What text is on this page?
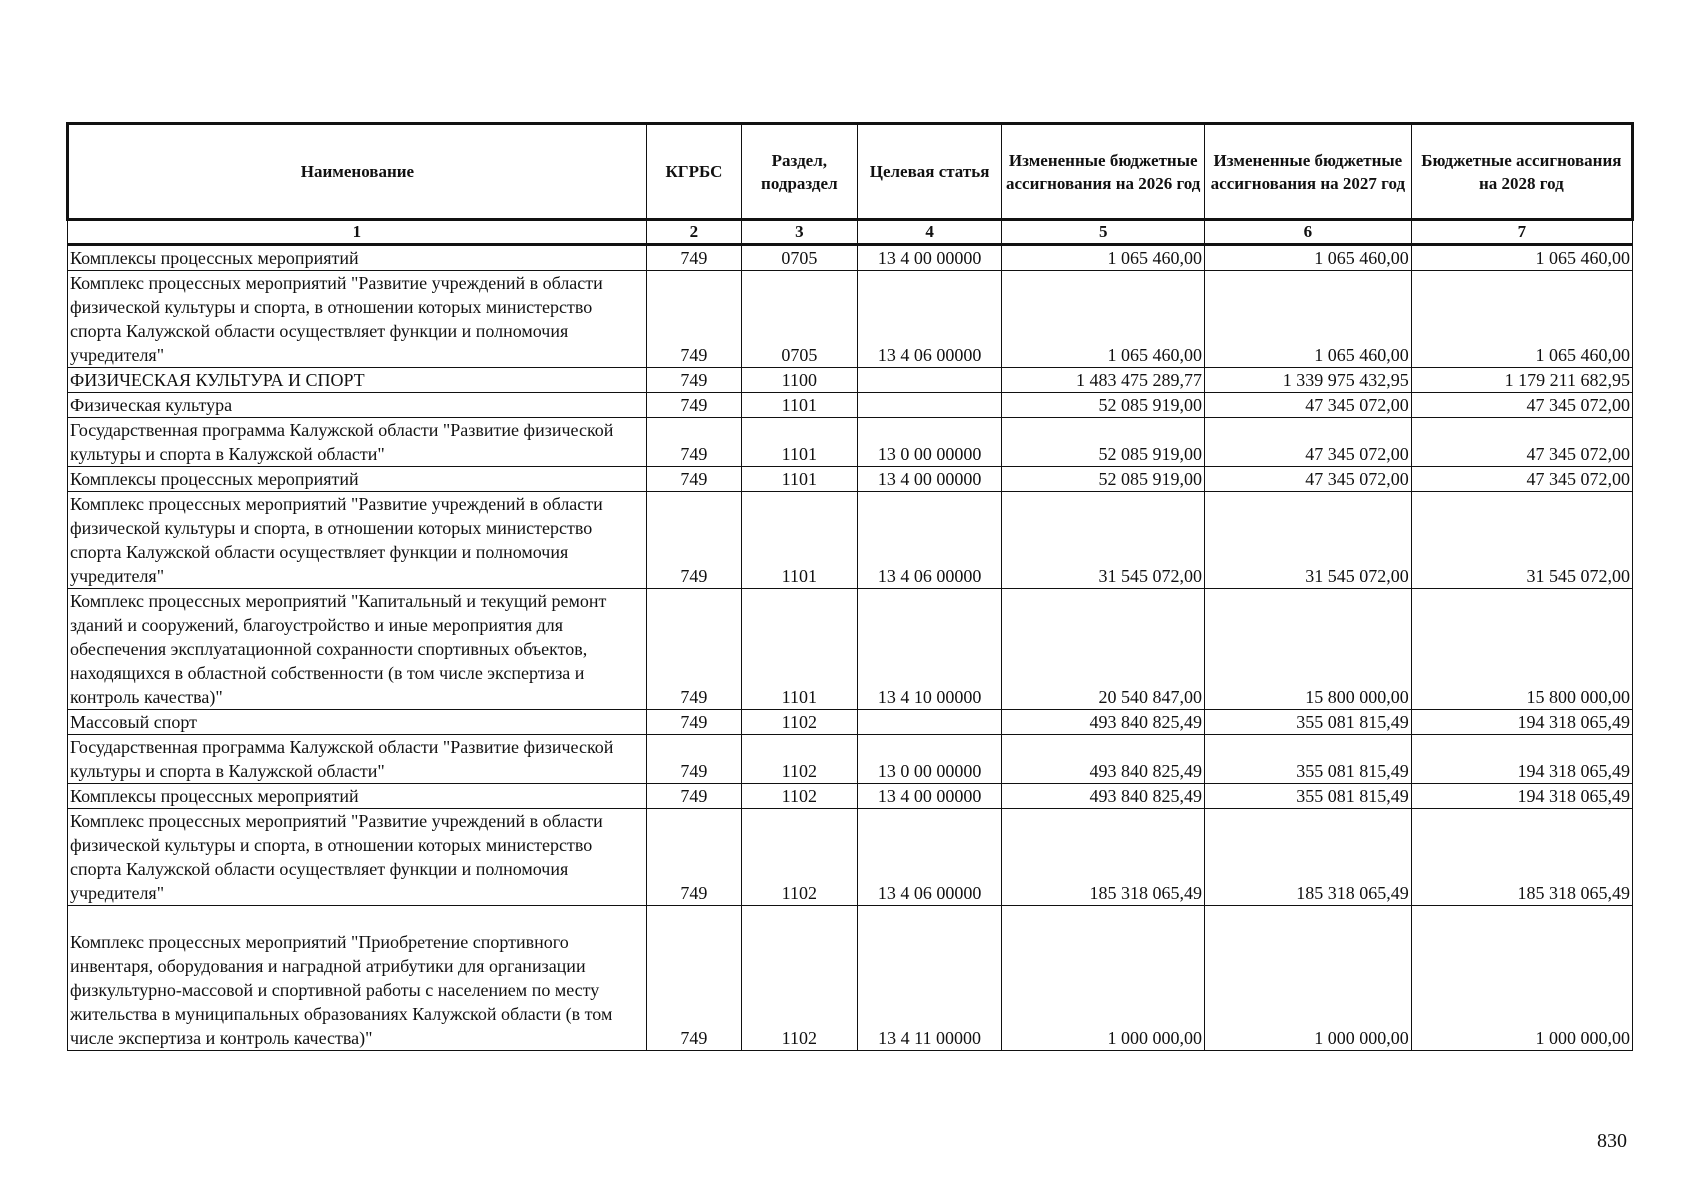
Наименование	КГРБС	Раздел, подраздел	Целевая статья	Измененные бюджетные ассигнования на 2026 год	Измененные бюджетные ассигнования на 2027 год	Бюджетные ассигнования на 2028 год
1	2	3	4	5	6	7
Комплексы процессных мероприятий	749	0705	13 4 00 00000	1 065 460,00	1 065 460,00	1 065 460,00
Комплекс процессных мероприятий "Развитие учреждений в области физической культуры и спорта, в отношении которых министерство спорта Калужской области осуществляет функции и полномочия учредителя"	749	0705	13 4 06 00000	1 065 460,00	1 065 460,00	1 065 460,00
ФИЗИЧЕСКАЯ КУЛЬТУРА И СПОРТ	749	1100		1 483 475 289,77	1 339 975 432,95	1 179 211 682,95
Физическая культура	749	1101		52 085 919,00	47 345 072,00	47 345 072,00
Государственная программа Калужской области "Развитие физической культуры и спорта в Калужской области"	749	1101	13 0 00 00000	52 085 919,00	47 345 072,00	47 345 072,00
Комплексы процессных мероприятий	749	1101	13 4 00 00000	52 085 919,00	47 345 072,00	47 345 072,00
Комплекс процессных мероприятий "Развитие учреждений в области физической культуры и спорта, в отношении которых министерство спорта Калужской области осуществляет функции и полномочия учредителя"	749	1101	13 4 06 00000	31 545 072,00	31 545 072,00	31 545 072,00
Комплекс процессных мероприятий "Капитальный и текущий ремонт зданий и сооружений, благоустройство и иные мероприятия для обеспечения эксплуатационной сохранности спортивных объектов, находящихся в областной собственности (в том числе экспертиза и контроль качества)"	749	1101	13 4 10 00000	20 540 847,00	15 800 000,00	15 800 000,00
Массовый спорт	749	1102		493 840 825,49	355 081 815,49	194 318 065,49
Государственная программа Калужской области "Развитие физической культуры и спорта в Калужской области"	749	1102	13 0 00 00000	493 840 825,49	355 081 815,49	194 318 065,49
Комплексы процессных мероприятий	749	1102	13 4 00 00000	493 840 825,49	355 081 815,49	194 318 065,49
Комплекс процессных мероприятий "Развитие учреждений в области физической культуры и спорта, в отношении которых министерство спорта Калужской области осуществляет функции и полномочия учредителя"	749	1102	13 4 06 00000	185 318 065,49	185 318 065,49	185 318 065,49
Комплекс процессных мероприятий "Приобретение спортивного инвентаря, оборудования и наградной атрибутики для организации физкультурно-массовой и спортивной работы с населением по месту жительства в муниципальных образованиях Калужской области (в том числе экспертиза и контроль качества)"	749	1102	13 4 11 00000	1 000 000,00	1 000 000,00	1 000 000,00
830
